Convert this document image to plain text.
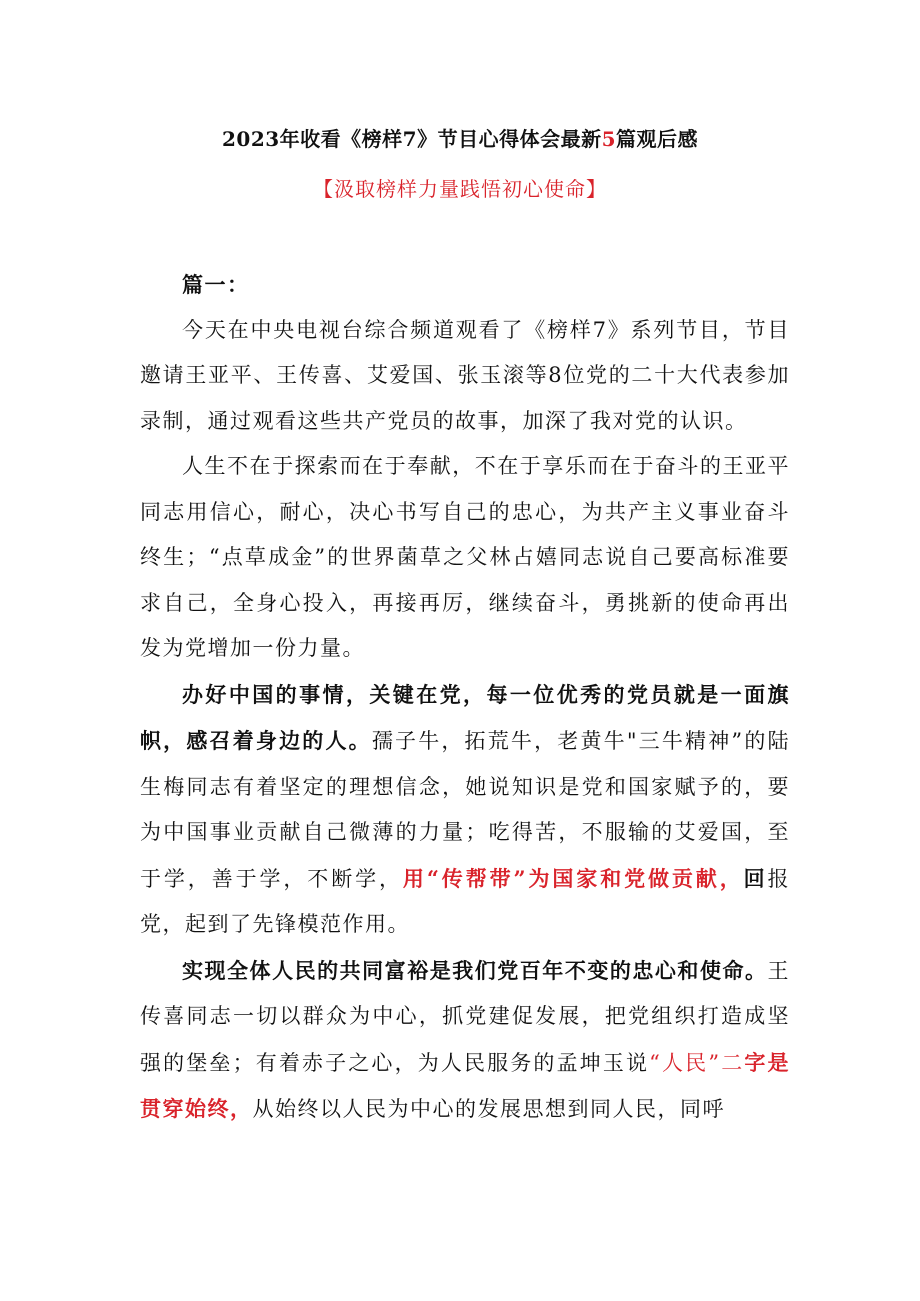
2023年收看《榜样7》节目心得体会最新5篇观后感
【汲取榜样力量践悟初心使命】

篇一：

今天在中央电视台综合频道观看了《榜样7》系列节目，节目邀请王亚平、王传喜、艾爱国、张玉滚等8位党的二十大代表参加录制，通过观看这些共产党员的故事，加深了我对党的认识。

人生不在于探索而在于奉献，不在于享乐而在于奋斗的王亚平同志用信心，耐心，决心书写自己的忠心，为共产主义事业奋斗终生；“点草成金”的世界菌草之父林占嬉同志说自己要高标准要求自己，全身心投入，再接再厉，继续奋斗，勇挑新的使命再出发为党增加一份力量。

办好中国的事情，关键在党，每一位优秀的党员就是一面旗帜，感召着身边的人。孺子牛，拓荒牛，老黄牛"三牛精神”的陆生梅同志有着坚定的理想信念，她说知识是党和国家赋予的，要为中国事业贡献自己微薄的力量；吃得苦，不服输的艾爱国，至于学，善于学，不断学，用“传帮带”为国家和党做贡献，回报党，起到了先锋模范作用。

实现全体人民的共同富裕是我们党百年不变的忠心和使命。王传喜同志一切以群众为中心，抓党建促发展，把党组织打造成坚强的堡垒；有着赤子之心，为人民服务的孟坤玉说“人民”二字是贯穿始终，从始终以人民为中心的发展思想到同人民，同呼
